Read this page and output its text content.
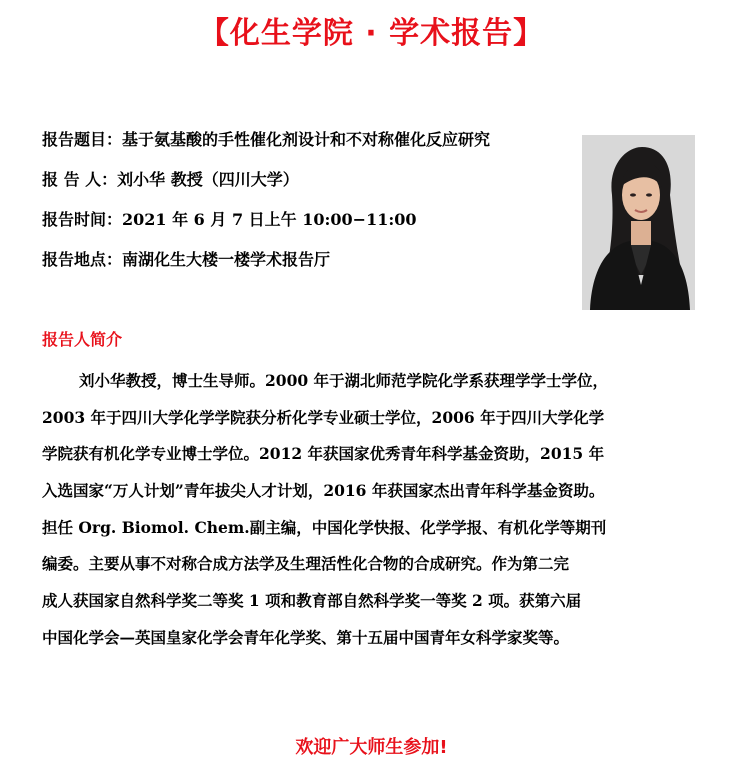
【化生学院 · 学术报告】
报告题目：基于氨基酸的手性催化剂设计和不对称催化反应研究
报 告 人：刘小华 教授（四川大学）
报告时间：2021 年 6 月 7 日上午 10:00−11:00
报告地点：南湖化生大楼一楼学术报告厅
报告人简介
刘小华教授，博士生导师。2000 年于湖北师范学院化学系获理学学士学位，
2003 年于四川大学化学学院获分析化学专业硕士学位，2006 年于四川大学化学
学院获有机化学专业博士学位。2012 年获国家优秀青年科学基金资助，2015 年
入选国家“万人计划”青年拔尖人才计划，2016 年获国家杰出青年科学基金资助。
担任 Org. Biomol. Chem.副主编，中国化学快报、化学学报、有机化学等期刊
编委。主要从事不对称合成方法学及生理活性化合物的合成研究。作为第二完
成人获国家自然科学奖二等奖 1 项和教育部自然科学奖一等奖 2 项。获第六届
中国化学会—英国皇家化学会青年化学奖、第十五届中国青年女科学家奖等。
欢迎广大师生参加!
